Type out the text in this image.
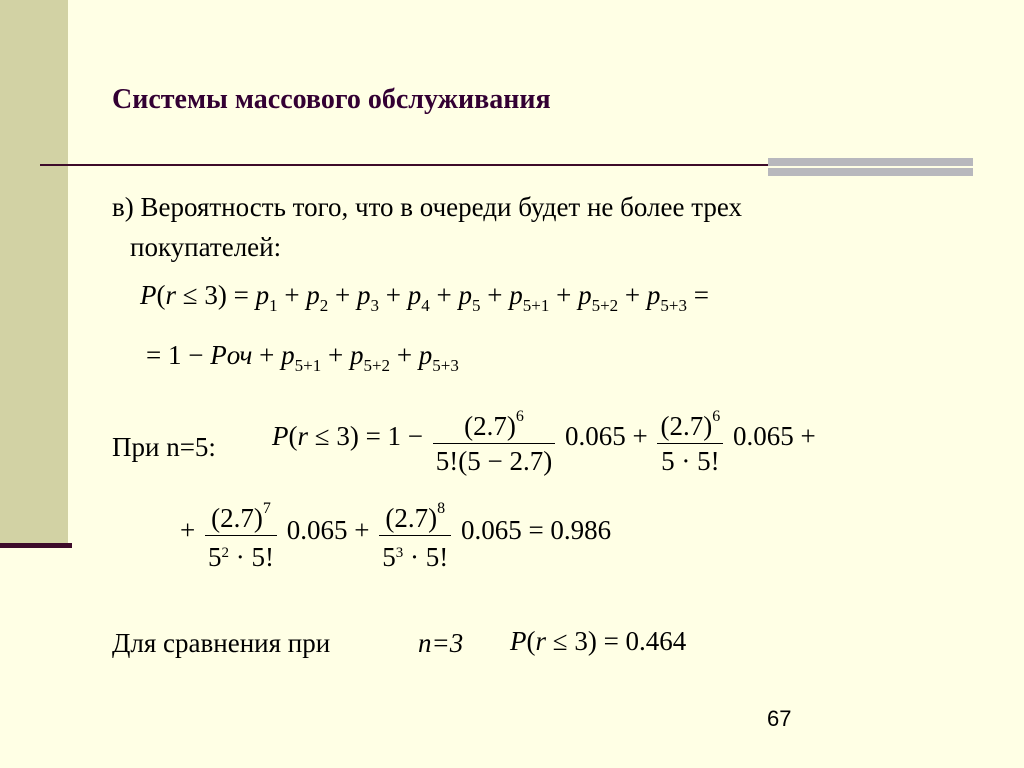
Системы массового обслуживания
в) Вероятность того, что в очереди будет не более трех
покупателей:
$P(r \le 3) = p_1 + p_2 + p_3 + p_4 + p_5 + p_{5+1} + p_{5+2} + p_{5+3}$ =
= 1 − Pоч + $p_{5+1} + p_{5+2} + p_{5+3}$
При n=5: $P(r \le 3) = 1 - \frac{(2.7)^6}{5!(5 - 2.7)} 0.065 + \frac{(2.7)^6}{5 \cdot 5!} 0.065$ +
+ $\frac{(2.7)^7}{5^2 \cdot 5!} 0.065 + \frac{(2.7)^8}{5^3 \cdot 5!} 0.065 = 0.986$
Для сравнения при	n=3 P(r ≤ 3) = 0.464
67
